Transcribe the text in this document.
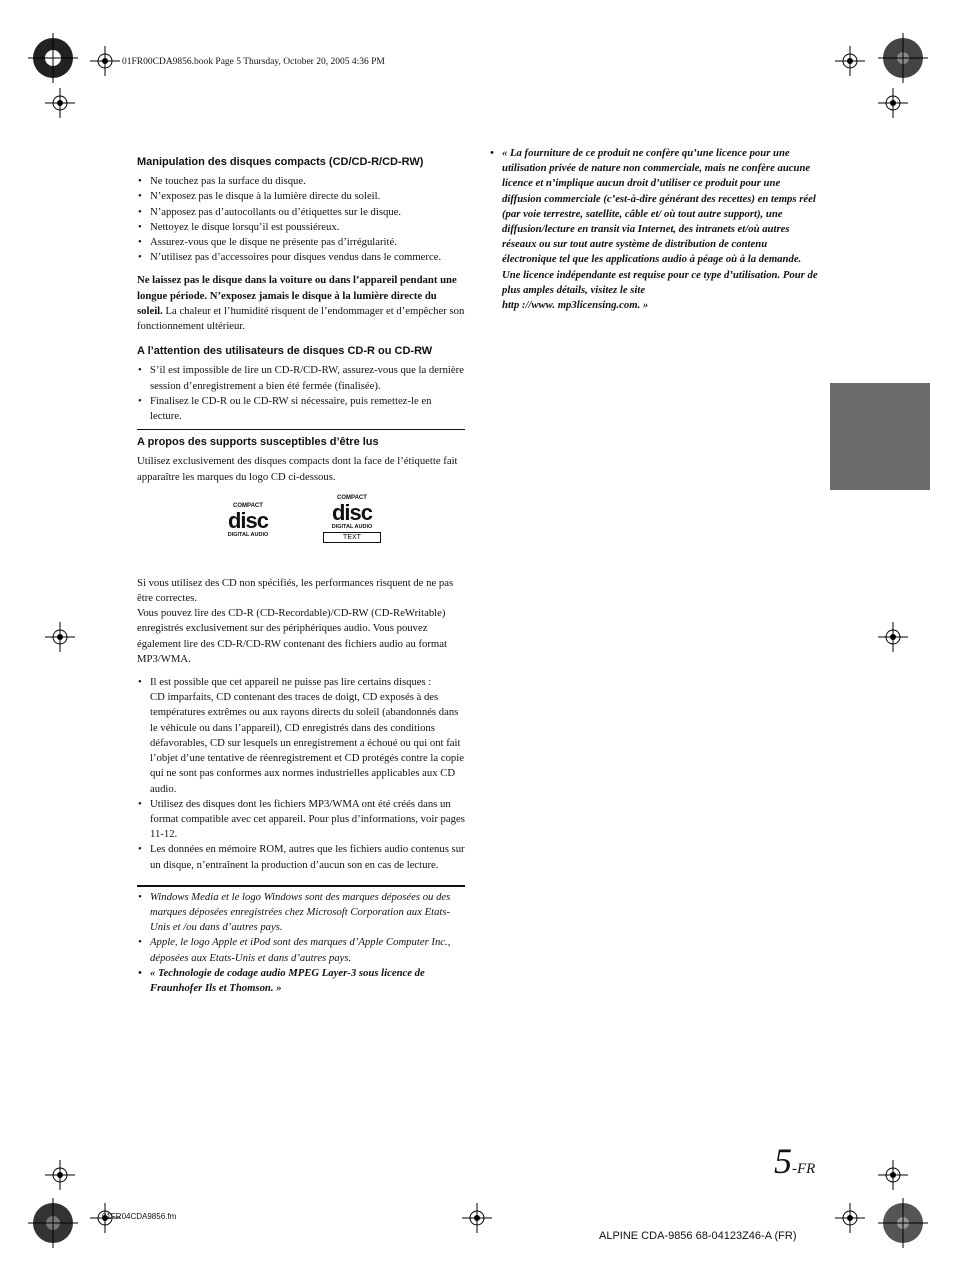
01FR00CDA9856.book Page 5 Thursday, October 20, 2005 4:36 PM
Manipulation des disques compacts (CD/CD-R/CD-RW)
• Ne touchez pas la surface du disque.
• N’exposez pas le disque à la lumière directe du soleil.
• N’apposez pas d’autocollants ou d’étiquettes sur le disque.
• Nettoyez le disque lorsqu’il est poussiéreux.
• Assurez-vous que le disque ne présente pas d’irrégularité.
• N’utilisez pas d’accessoires pour disques vendus dans le commerce.

Ne laissez pas le disque dans la voiture ou dans l’appareil pendant une longue période. N’exposez jamais le disque à la lumière directe du soleil. La chaleur et l’humidité risquent de l’endommager et d’empêcher son fonctionnement ultérieur.

A l’attention des utilisateurs de disques CD-R ou CD-RW
• S’il est impossible de lire un CD-R/CD-RW, assurez-vous que la dernière session d’enregistrement a bien été fermée (finalisée).
• Finalisez le CD-R ou le CD-RW si nécessaire, puis remettez-le en lecture.
A propos des supports susceptibles d’être lus

Utilisez exclusivement des disques compacts dont la face de l’étiquette fait apparaître les marques du logo CD ci-dessous.

COMPACT
disc
DIGITAL AUDIO
COMPACT
disc
DIGITAL AUDIO
TEXT

Si vous utilisez des CD non spécifiés, les performances risquent de ne pas être correctes.

Vous pouvez lire des CD-R (CD-Recordable)/CD-RW (CD-ReWritable) enregistrés exclusivement sur des périphériques audio. Vous pouvez également lire des CD-R/CD-RW contenant des fichiers audio au format MP3/WMA.

• Il est possible que cet appareil ne puisse pas lire certains disques :
CD imparfaits, CD contenant des traces de doigt, CD exposés à des températures extrêmes ou aux rayons directs du soleil (abandonnés dans le véhicule ou dans l’appareil), CD enregistrés dans des conditions défavorables, CD sur lesquels un enregistrement a échoué ou qui ont fait l’objet d’une tentative de réenregistrement et CD protégés contre la copie qui ne sont pas conformes aux normes industrielles applicables aux CD audio.
• Utilisez des disques dont les fichiers MP3/WMA ont été créés dans un format compatible avec cet appareil. Pour plus d’informations, voir pages 11-12.
• Les données en mémoire ROM, autres que les fichiers audio contenus sur un disque, n’entraînent la production d’aucun son en cas de lecture.
• Windows Media et le logo Windows sont des marques déposées ou des marques déposées enregistrées chez Microsoft Corporation aux Etats-Unis et /ou dans d’autres pays.
• Apple, le logo Apple et iPod sont des marques d’Apple Computer Inc., déposées aux Etats-Unis et dans d’autres pays.
• « Technologie de codage audio MPEG Layer-3 sous licence de Fraunhofer Ils et Thomson. »
• « La fourniture de ce produit ne confère qu’une licence pour une utilisation privée de nature non commerciale, mais ne confère aucune licence et n’implique aucun droit d’utiliser ce produit pour une diffusion commerciale (c’est-à-dire générant des recettes) en temps réel (par voie terrestre, satellite, câble et/ où tout autre support), une diffusion/lecture en transit via Internet, des intranets et/où autres réseaux ou sur tout autre système de distribution de contenu électronique tel que les applications audio à péage où à la demande. Une licence indépendante est requise pour ce type d’utilisation. Pour de plus amples détails, visitez le site
http ://www. mp3licensing.com. »
5-FR
01FR04CDA9856.fm
ALPINE CDA-9856 68-04123Z46-A (FR)
